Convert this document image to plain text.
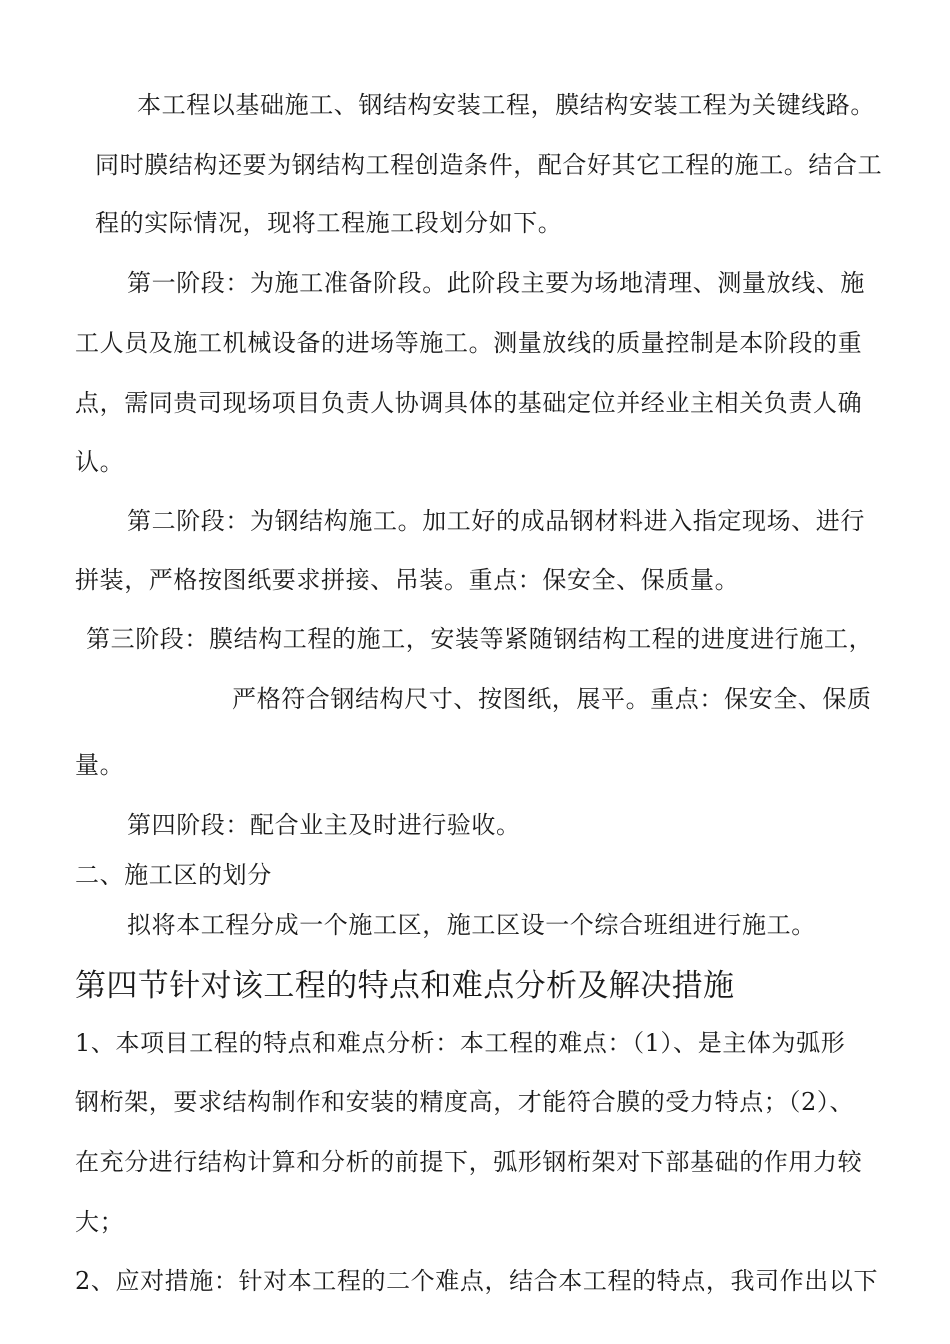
本工程以基础施工、钢结构安装工程，膜结构安装工程为关键线路。
同时膜结构还要为钢结构工程创造条件，配合好其它工程的施工。结合工
程的实际情况，现将工程施工段划分如下。
第一阶段：为施工准备阶段。此阶段主要为场地清理、测量放线、施
工人员及施工机械设备的进场等施工。测量放线的质量控制是本阶段的重
点，需同贵司现场项目负责人协调具体的基础定位并经业主相关负责人确
认。
第二阶段：为钢结构施工。加工好的成品钢材料进入指定现场、进行
拼装，严格按图纸要求拼接、吊装。重点：保安全、保质量。
第三阶段：膜结构工程的施工，安装等紧随钢结构工程的进度进行施工，
严格符合钢结构尺寸、按图纸，展平。重点：保安全、保质
量。
第四阶段：配合业主及时进行验收。
二、施工区的划分
拟将本工程分成一个施工区，施工区设一个综合班组进行施工。
第四节针对该工程的特点和难点分析及解决措施
1、本项目工程的特点和难点分析：本工程的难点：（1）、是主体为弧形
钢桁架，要求结构制作和安装的精度高，才能符合膜的受力特点；（2）、
在充分进行结构计算和分析的前提下，弧形钢桁架对下部基础的作用力较
大；
2、应对措施：针对本工程的二个难点，结合本工程的特点，我司作出以下
